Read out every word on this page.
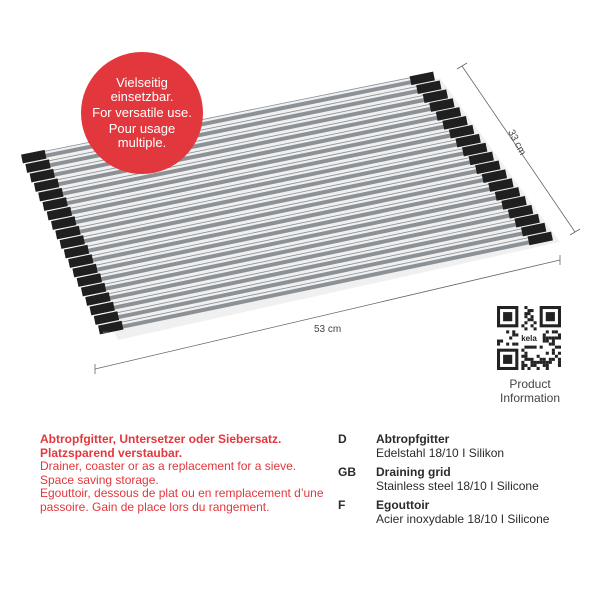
kela
Vielseitig
einsetzbar.
For versatile use.
Pour usage
multiple.
53 cm
33 cm
kela
Product
Information
Abtropfgitter, Untersetzer oder Siebersatz.
Platzsparend verstaubar.
Drainer, coaster or as a replacement for a sieve. Space saving storage.
Egouttoir, dessous de plat ou en remplacement d’une passoire. Gain de place lors du rangement.
D	Abtropfgitter
Edelstahl 18/10 I Silikon
GB	Draining grid
Stainless steel 18/10 I Silicone
F	Egouttoir
Acier inoxydable 18/10 I Silicone
